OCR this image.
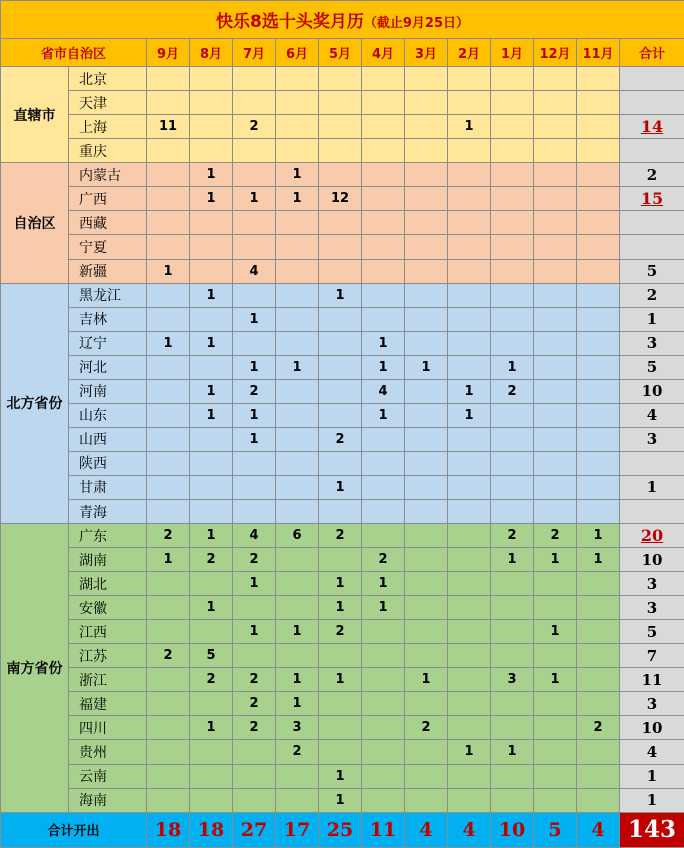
快乐8选十头奖月历（截止9月25日）													
省市自治区		9月	8月	7月	6月	5月	4月	3月	2月	1月	12月	11月	合计
直辖市	北京												
	天津												
	上海	11		2					1				14
	重庆												
自治区	内蒙古		1		1								2
	广西		1	1	1	12							15
	西藏												
	宁夏												
	新疆	1		4									5
北方省份	黑龙江		1			1							2
	吉林			1									1
	辽宁	1	1				1						3
	河北			1	1		1	1		1			5
	河南		1	2			4		1	2			10
	山东		1	1			1		1				4
	山西			1		2							3
	陕西												
	甘肃					1							1
	青海												
南方省份	广东	2	1	4	6	2				2	2	1	20
	湖南	1	2	2			2			1	1	1	10
	湖北			1		1	1						3
	安徽		1			1	1						3
	江西			1	1	2					1		5
	江苏	2	5										7
	浙江		2	2	1	1		1		3	1		11
	福建			2	1								3
	四川		1	2	3			2				2	10
	贵州				2				1	1			4
	云南					1							1
	海南					1							1
合计开出		18	18	27	17	25	11	4	4	10	5	4	143
